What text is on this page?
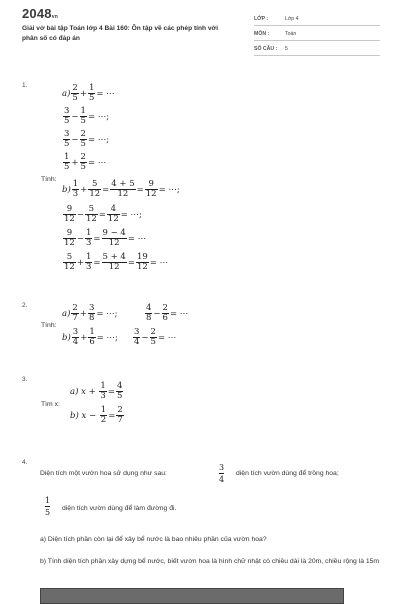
2048vn
Giải vở bài tập Toán lớp 4 Bài 160: Ôn tập về các phép tính với phân số có đáp án
LỚP :	Lớp 4
MÔN :	Toán
SỐ CÂU : 5
1.
Tính:
$a) \frac{2}{5} + \frac{1}{5}$ = ⋯
$\frac{3}{5} - \frac{1}{5}$ = ⋯;
$\frac{3}{5} - \frac{2}{5}$ = ⋯;
$\frac{1}{5} + \frac{2}{5}$ = ⋯
$b) \frac{1}{3} + \frac{5}{12} = \frac{4 + 5}{12} = \frac{9}{12}$ = ⋯;
$\frac{9}{12} - \frac{5}{12} = \frac{4}{12}$ = ⋯;
$\frac{9}{12} - \frac{1}{3} = \frac{9 - 4}{12}$ = ⋯
$\frac{5}{12} + \frac{1}{3} = \frac{5 + 4}{12} = \frac{19}{12}$ = ⋯
2.
Tính:
$a) \frac{2}{7} + \frac{3}{8}$ = ⋯;	$\frac{4}{8} - \frac{2}{6}$ = ⋯
$b) \frac{3}{4} + \frac{1}{6}$ = ⋯; $\frac{3}{4} - \frac{2}{5}$ = ⋯
3.
Tìm x:
a) $x + \frac{1}{3} = \frac{4}{5}$
b) $x - \frac{1}{2} = \frac{2}{7}$
4.
Diện tích một vườn hoa sử dụng như sau:
3
4
diện tích vườn dùng để trồng hoa;
1
5 diện tích vườn dùng để làm đường đi.
a) Diện tích phần còn lại để xây bể nước là bao nhiêu phần của vườn hoa?
b) Tính diện tích phần xây dựng bể nước, biết vườn hoa là hình chữ nhật có chiều dài là 20m, chiều rộng là 15m
